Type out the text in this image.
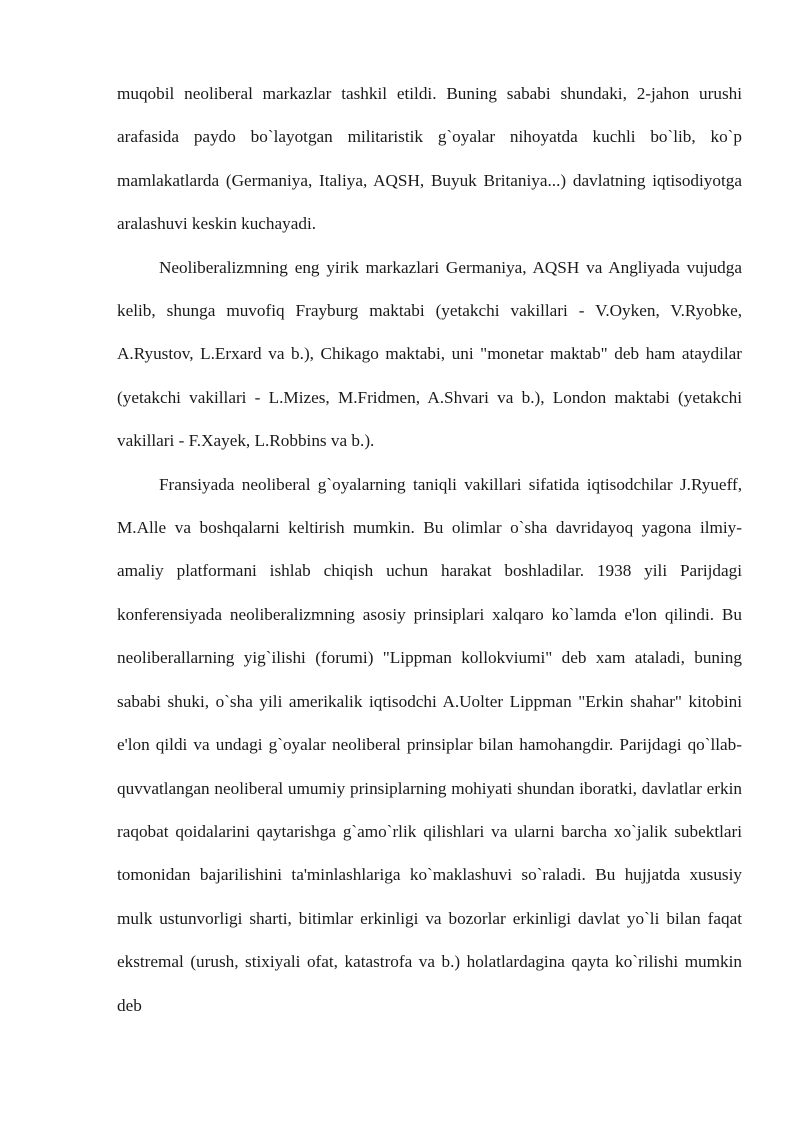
muqobil neoliberal markazlar tashkil etildi. Buning sababi shundaki, 2-jahon urushi arafasida paydo bo`layotgan militaristik g`oyalar nihoyatda kuchli bo`lib, ko`p mamlakatlarda (Germaniya, Italiya, AQSH, Buyuk Britaniya...) davlatning iqtisodiyotga aralashuvi keskin kuchayadi.

Neoliberalizmning eng yirik markazlari Germaniya, AQSH va Angliyada vujudga kelib, shunga muvofiq Frayburg maktabi (yetakchi vakillari - V.Oyken, V.Ryobke, A.Ryustov, L.Erxard va b.), Chikago maktabi, uni "monetar maktab" deb ham ataydilar (yetakchi vakillari - L.Mizes, M.Fridmen, A.Shvari va b.), London maktabi (yetakchi vakillari - F.Xayek, L.Robbins va b.).

Fransiyada neoliberal g`oyalarning taniqli vakillari sifatida iqtisodchilar J.Ryueff, M.Alle va boshqalarni keltirish mumkin. Bu olimlar o`sha davridayoq yagona ilmiy-amaliy platformani ishlab chiqish uchun harakat boshladilar. 1938 yili Parijdagi konferensiyada neoliberalizmning asosiy prinsiplari xalqaro ko`lamda e'lon qilindi. Bu neoliberallarning yig`ilishi (forumi) "Lippman kollokviumi" deb xam ataladi, buning sababi shuki, o`sha yili amerikalik iqtisodchi A.Uolter Lippman "Erkin shahar" kitobini e'lon qildi va undagi g`oyalar neoliberal prinsiplar bilan hamohangdir. Parijdagi qo`llab-quvvatlangan neoliberal umumiy prinsiplarning mohiyati shundan iboratki, davlatlar erkin raqobat qoidalarini qaytarishga g`amo`rlik qilishlari va ularni barcha xo`jalik subektlari tomonidan bajarilishini ta'minlashlariga ko`maklashuvi so`raladi. Bu hujjatda xususiy mulk ustunvorligi sharti, bitimlar erkinligi va bozorlar erkinligi davlat yo`li bilan faqat ekstremal (urush, stixiyali ofat, katastrofa va b.) holatlardagina qayta ko`rilishi mumkin deb
